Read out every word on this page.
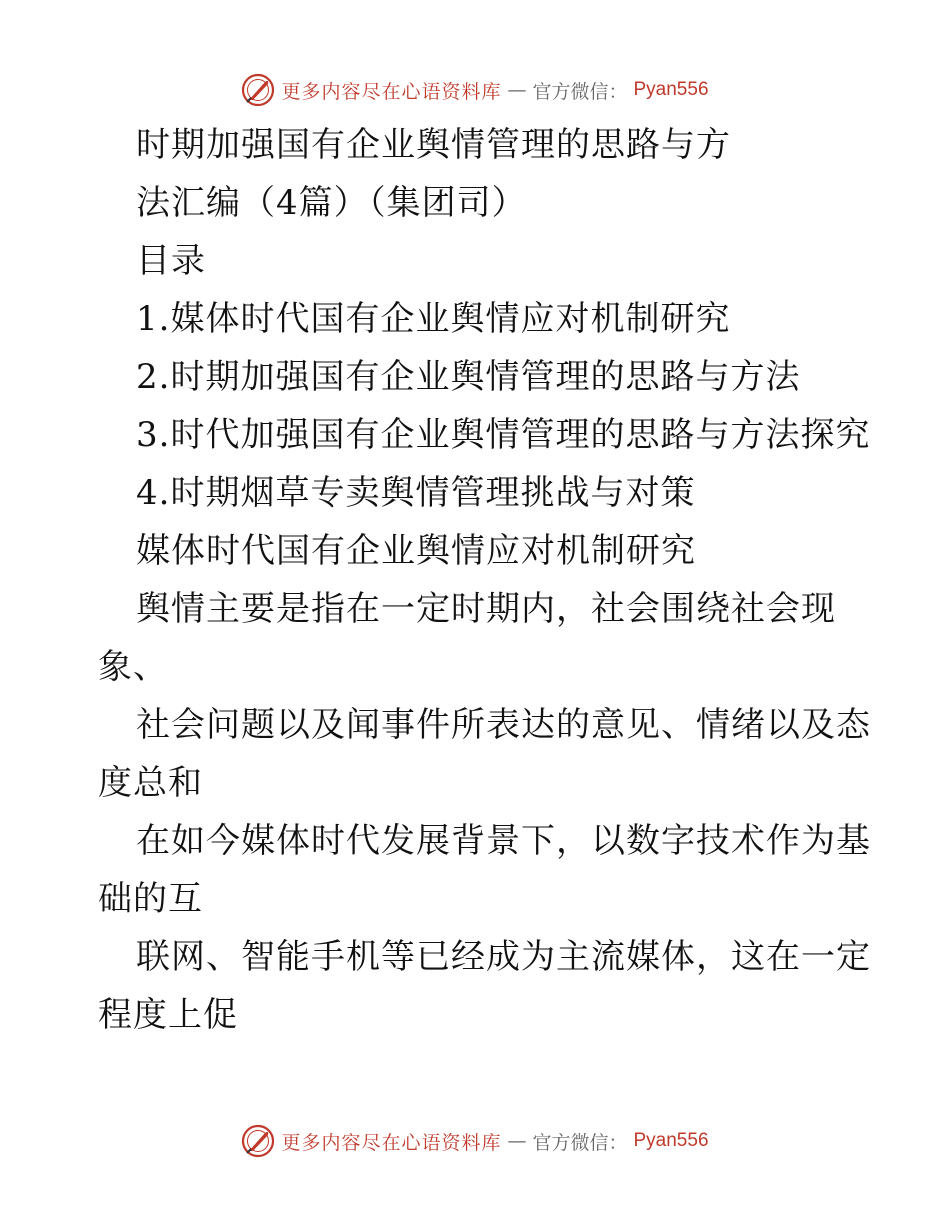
更多内容尽在心语资料库 — 官方微信： Pyan556
时期加强国有企业舆情管理的思路与方
法汇编（4篇）（集团司）
目录
1.媒体时代国有企业舆情应对机制研究
2.时期加强国有企业舆情管理的思路与方法
3.时代加强国有企业舆情管理的思路与方法探究
4.时期烟草专卖舆情管理挑战与对策
媒体时代国有企业舆情应对机制研究
舆情主要是指在一定时期内，社会围绕社会现
象、
社会问题以及闻事件所表达的意见、情绪以及态
度总和
在如今媒体时代发展背景下，以数字技术作为基
础的互
联网、智能手机等已经成为主流媒体，这在一定
程度上促
更多内容尽在心语资料库 — 官方微信： Pyan556
